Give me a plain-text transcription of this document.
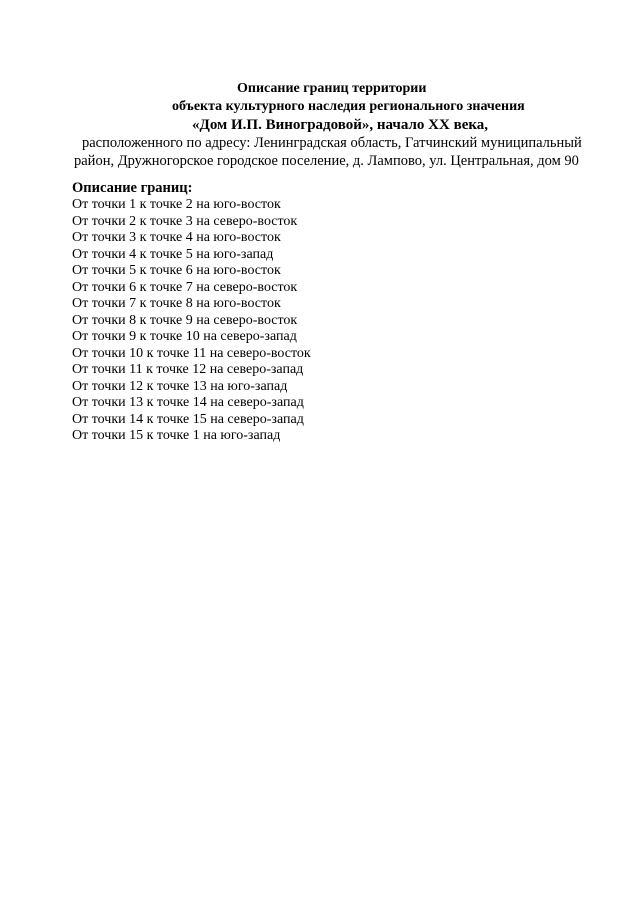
Описание границ территории
объекта культурного наследия регионального значения
«Дом И.П. Виноградовой», начало XX века,
расположенного по адресу: Ленинградская область, Гатчинский муниципальный
район, Дружногорское городское поселение, д. Лампово, ул. Центральная, дом 90

Описание границ:

От точки 1 к точке 2 на юго-восток
От точки 2 к точке 3 на северо-восток
От точки 3 к точке 4 на юго-восток
От точки 4 к точке 5 на юго-запад
От точки 5 к точке 6 на юго-восток
От точки 6 к точке 7 на северо-восток
От точки 7 к точке 8 на юго-восток
От точки 8 к точке 9 на северо-восток
От точки 9 к точке 10 на северо-запад
От точки 10 к точке 11 на северо-восток
От точки 11 к точке 12 на северо-запад
От точки 12 к точке 13 на юго-запад
От точки 13 к точке 14 на северо-запад
От точки 14 к точке 15 на северо-запад
От точки 15 к точке 1 на юго-запад
